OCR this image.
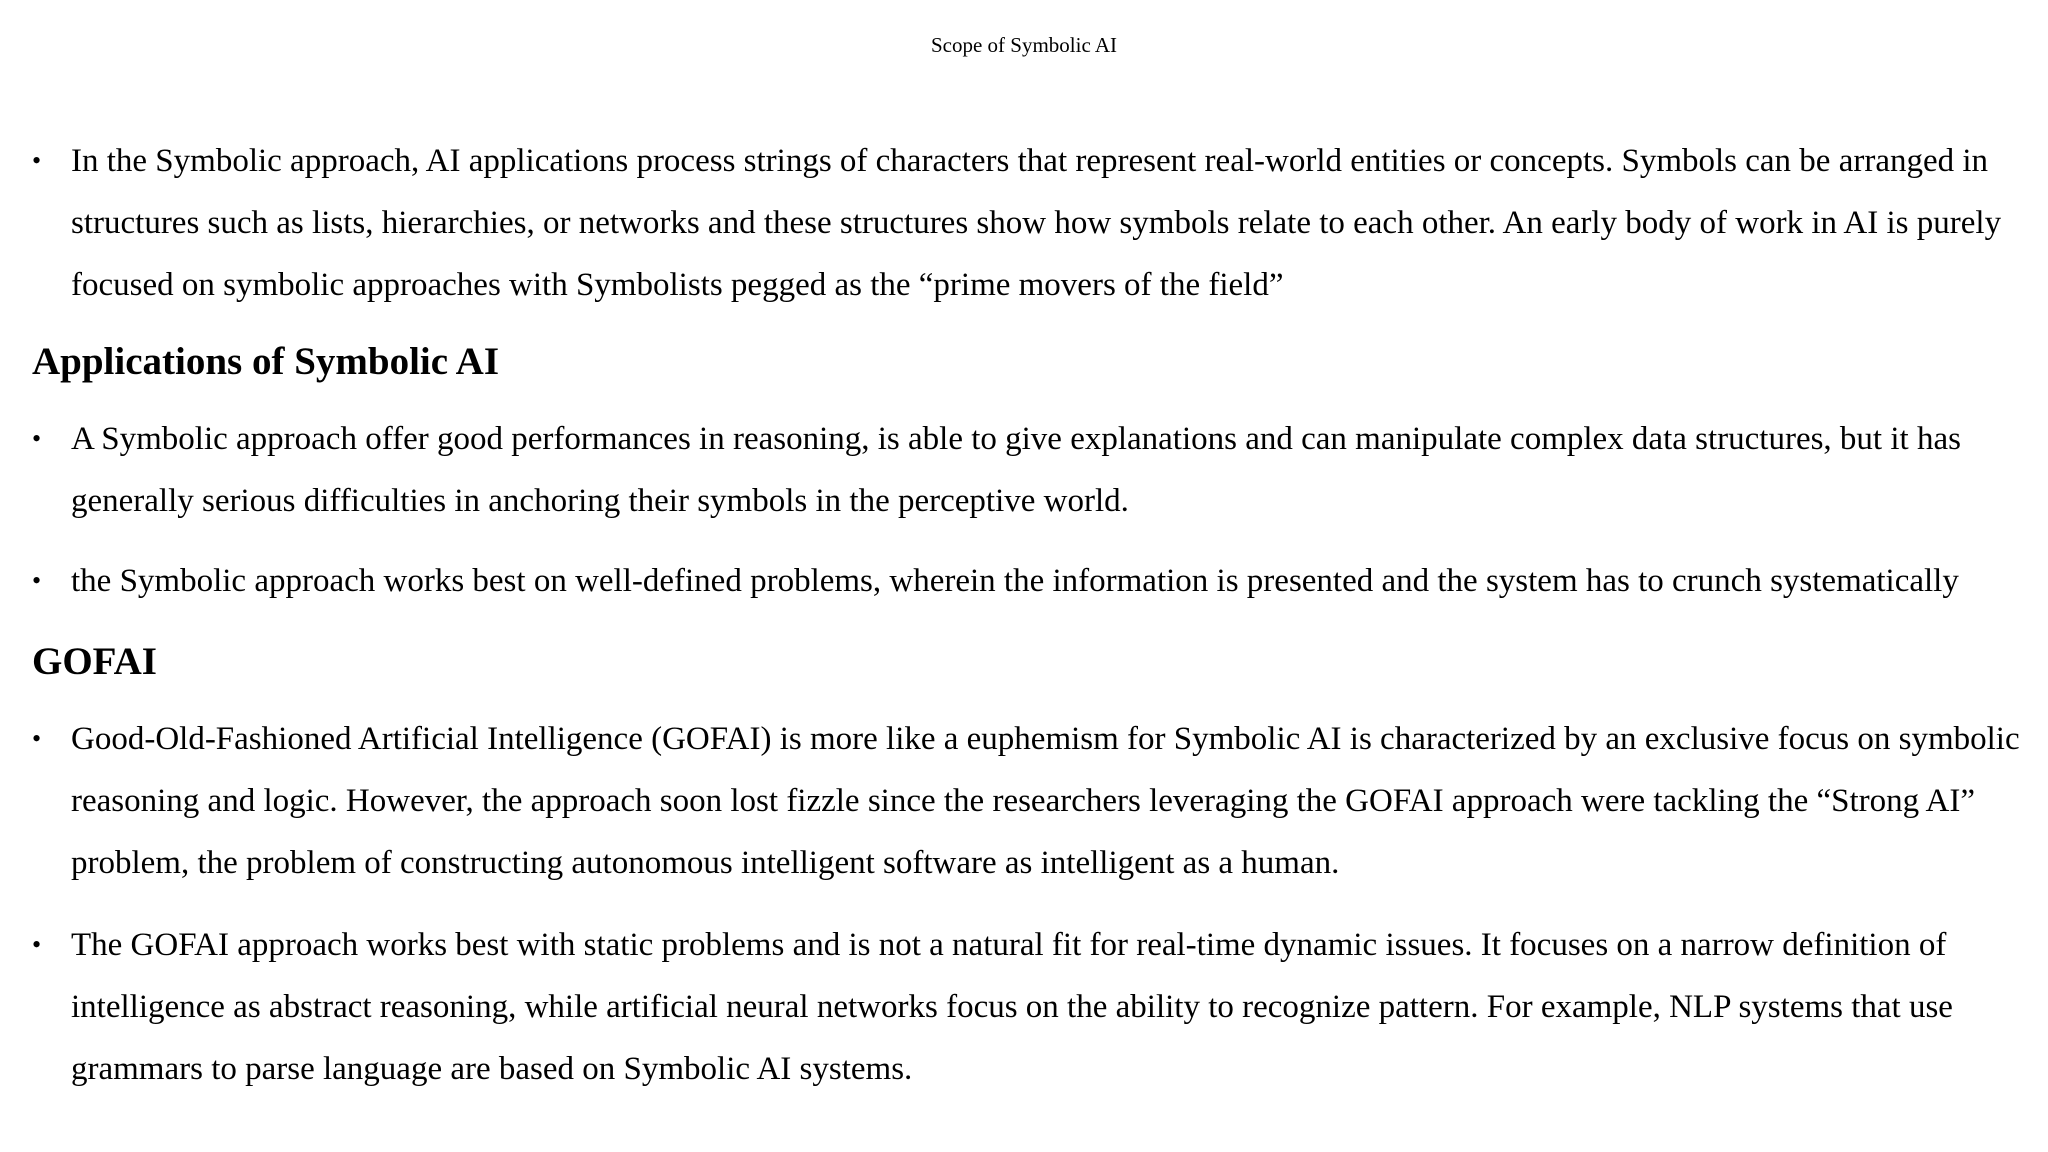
Scope of Symbolic AI

• In the Symbolic approach, AI applications process strings of characters that represent real-world entities or concepts. Symbols can be arranged in structures such as lists, hierarchies, or networks and these structures show how symbols relate to each other. An early body of work in AI is purely focused on symbolic approaches with Symbolists pegged as the “prime movers of the field”

Applications of Symbolic AI

• A Symbolic approach offer good performances in reasoning, is able to give explanations and can manipulate complex data structures, but it has generally serious difficulties in anchoring their symbols in the perceptive world.

• the Symbolic approach works best on well-defined problems, wherein the information is presented and the system has to crunch systematically

GOFAI

• Good-Old-Fashioned Artificial Intelligence (GOFAI) is more like a euphemism for Symbolic AI is characterized by an exclusive focus on symbolic reasoning and logic. However, the approach soon lost fizzle since the researchers leveraging the GOFAI approach were tackling the “Strong AI” problem, the problem of constructing autonomous intelligent software as intelligent as a human.

• The GOFAI approach works best with static problems and is not a natural fit for real-time dynamic issues. It focuses on a narrow definition of intelligence as abstract reasoning, while artificial neural networks focus on the ability to recognize pattern. For example, NLP systems that use grammars to parse language are based on Symbolic AI systems.
